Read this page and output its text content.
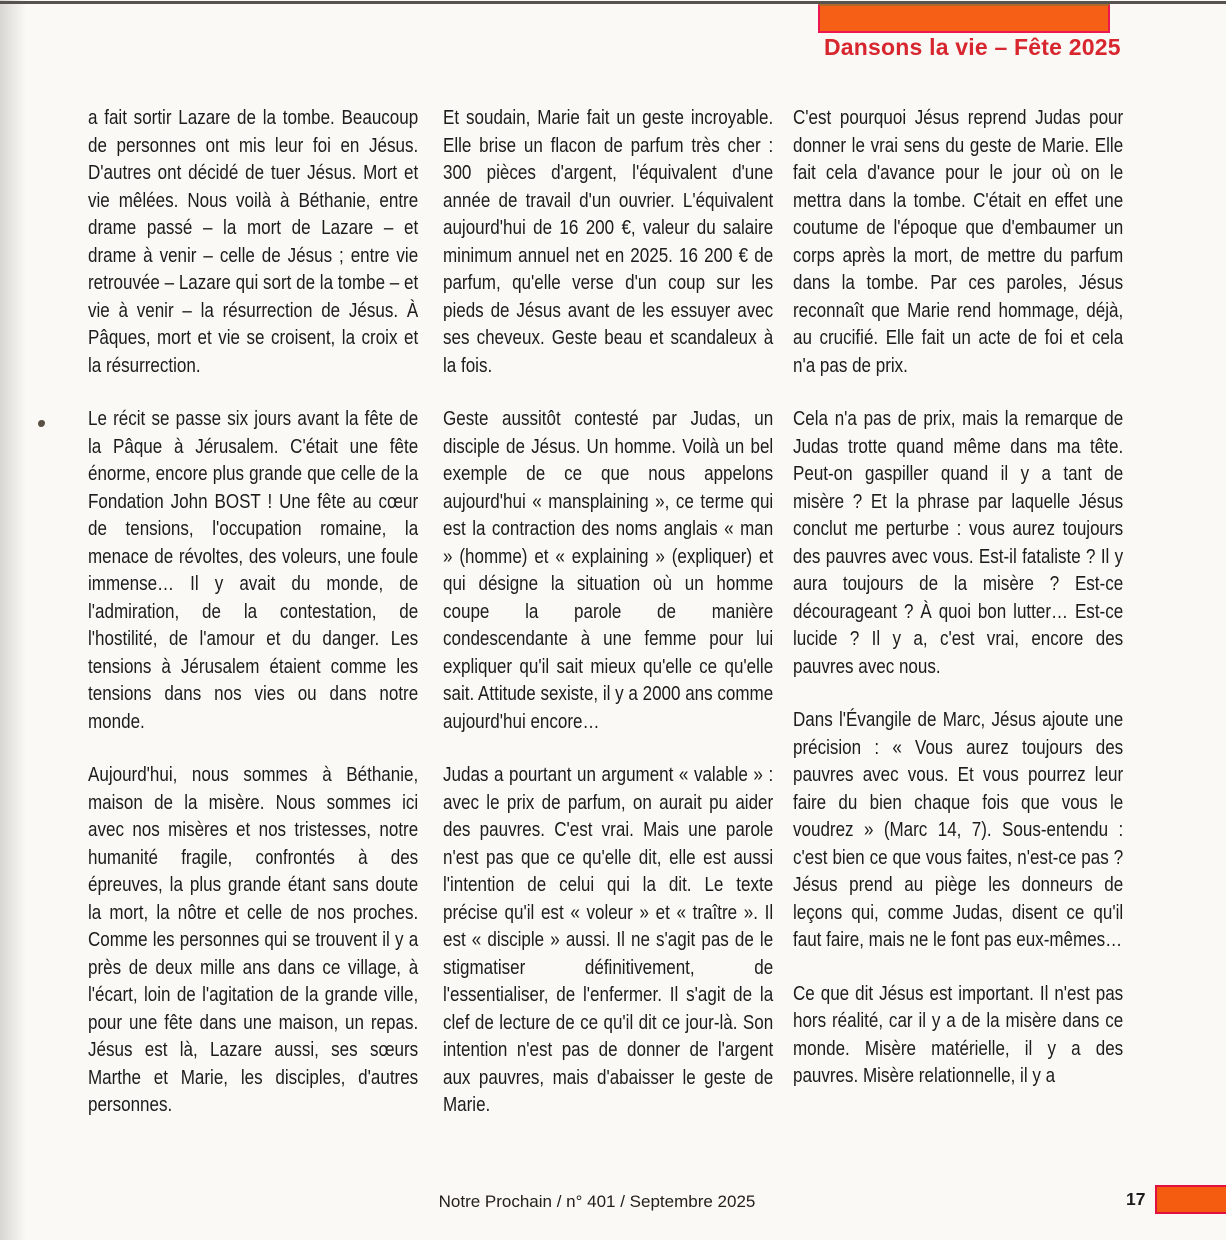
Dansons la vie – Fête 2025

a fait sortir Lazare de la tombe. Beaucoup de personnes ont mis leur foi en Jésus. D'autres ont décidé de tuer Jésus. Mort et vie mêlées. Nous voilà à Béthanie, entre drame passé – la mort de Lazare – et drame à venir – celle de Jésus ; entre vie retrouvée – Lazare qui sort de la tombe – et vie à venir – la résurrection de Jésus. À Pâques, mort et vie se croisent, la croix et la résurrection.

Le récit se passe six jours avant la fête de la Pâque à Jérusalem. C'était une fête énorme, encore plus grande que celle de la Fondation John BOST ! Une fête au cœur de tensions, l'occupation romaine, la menace de révoltes, des voleurs, une foule immense… Il y avait du monde, de l'admiration, de la contestation, de l'hostilité, de l'amour et du danger. Les tensions à Jérusalem étaient comme les tensions dans nos vies ou dans notre monde.

Aujourd'hui, nous sommes à Béthanie, maison de la misère. Nous sommes ici avec nos misères et nos tristesses, notre humanité fragile, confrontés à des épreuves, la plus grande étant sans doute la mort, la nôtre et celle de nos proches. Comme les personnes qui se trouvent il y a près de deux mille ans dans ce village, à l'écart, loin de l'agitation de la grande ville, pour une fête dans une maison, un repas. Jésus est là, Lazare aussi, ses sœurs Marthe et Marie, les disciples, d'autres personnes.

Et soudain, Marie fait un geste incroyable. Elle brise un flacon de parfum très cher : 300 pièces d'argent, l'équivalent d'une année de travail d'un ouvrier. L'équivalent aujourd'hui de 16 200 €, valeur du salaire minimum annuel net en 2025. 16 200 € de parfum, qu'elle verse d'un coup sur les pieds de Jésus avant de les essuyer avec ses cheveux. Geste beau et scandaleux à la fois.

Geste aussitôt contesté par Judas, un disciple de Jésus. Un homme. Voilà un bel exemple de ce que nous appelons aujourd'hui « mansplaining », ce terme qui est la contraction des noms anglais « man » (homme) et « explaining » (expliquer) et qui désigne la situation où un homme coupe la parole de manière condescendante à une femme pour lui expliquer qu'il sait mieux qu'elle ce qu'elle sait. Attitude sexiste, il y a 2000 ans comme aujourd'hui encore…

Judas a pourtant un argument « valable » : avec le prix de parfum, on aurait pu aider des pauvres. C'est vrai. Mais une parole n'est pas que ce qu'elle dit, elle est aussi l'intention de celui qui la dit. Le texte précise qu'il est « voleur » et « traître ». Il est « disciple » aussi. Il ne s'agit pas de le stigmatiser définitivement, de l'essentialiser, de l'enfermer. Il s'agit de la clef de lecture de ce qu'il dit ce jour-là. Son intention n'est pas de donner de l'argent aux pauvres, mais d'abaisser le geste de Marie.

C'est pourquoi Jésus reprend Judas pour donner le vrai sens du geste de Marie. Elle fait cela d'avance pour le jour où on le mettra dans la tombe. C'était en effet une coutume de l'époque que d'embaumer un corps après la mort, de mettre du parfum dans la tombe. Par ces paroles, Jésus reconnaît que Marie rend hommage, déjà, au crucifié. Elle fait un acte de foi et cela n'a pas de prix.

Cela n'a pas de prix, mais la remarque de Judas trotte quand même dans ma tête. Peut-on gaspiller quand il y a tant de misère ? Et la phrase par laquelle Jésus conclut me perturbe : vous aurez toujours des pauvres avec vous. Est-il fataliste ? Il y aura toujours de la misère ? Est-ce décourageant ? À quoi bon lutter… Est-ce lucide ? Il y a, c'est vrai, encore des pauvres avec nous.

Dans l'Évangile de Marc, Jésus ajoute une précision : « Vous aurez toujours des pauvres avec vous. Et vous pourrez leur faire du bien chaque fois que vous le voudrez » (Marc 14, 7). Sous-entendu : c'est bien ce que vous faites, n'est-ce pas ? Jésus prend au piège les donneurs de leçons qui, comme Judas, disent ce qu'il faut faire, mais ne le font pas eux-mêmes…

Ce que dit Jésus est important. Il n'est pas hors réalité, car il y a de la misère dans ce monde. Misère matérielle, il y a des pauvres. Misère relationnelle, il y a

Notre Prochain / n° 401 / Septembre 2025	17
